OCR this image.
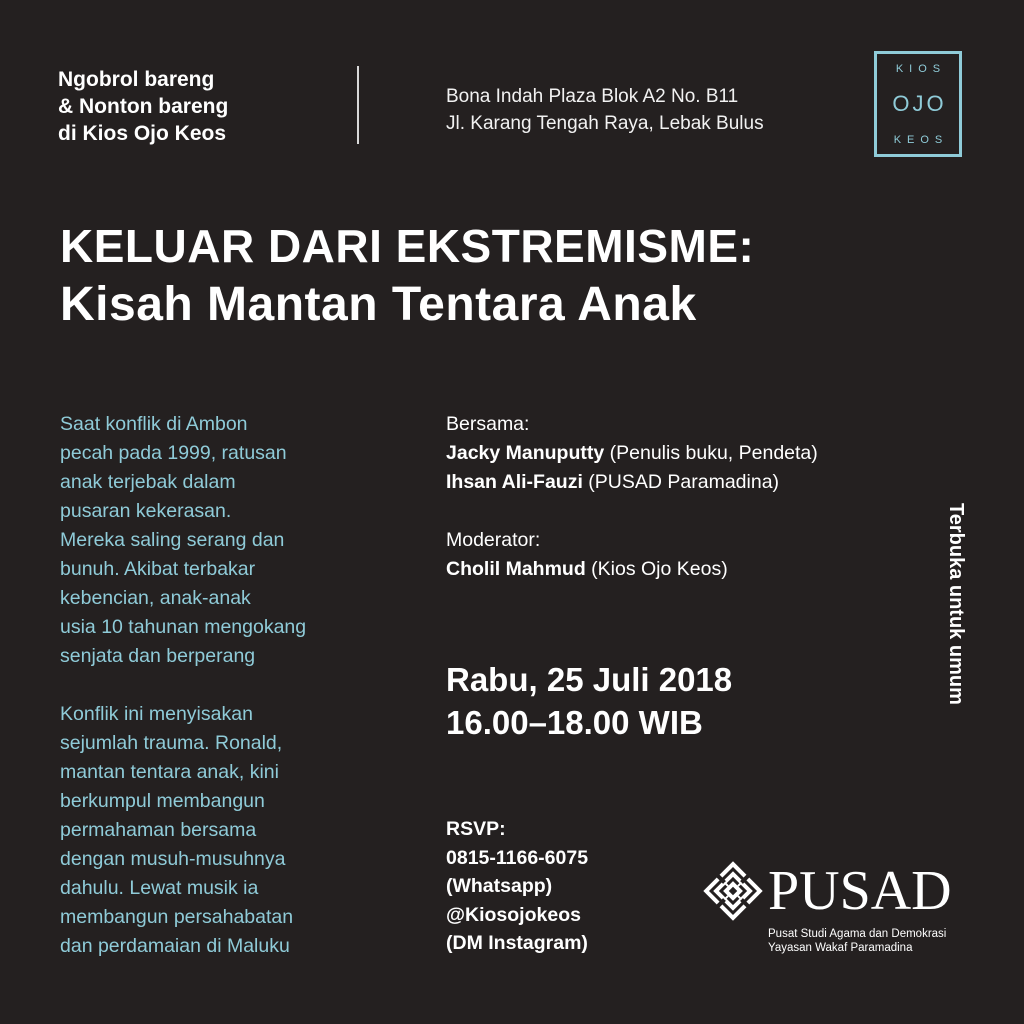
Ngobrol bareng
& Nonton bareng
di Kios Ojo Keos
Bona Indah Plaza Blok A2 No. B11
Jl. Karang Tengah Raya, Lebak Bulus
KIOS
OJO
KEOS
KELUAR DARI EKSTREMISME:
Kisah Mantan Tentara Anak
Saat konflik di Ambon
pecah pada 1999, ratusan
anak terjebak dalam
pusaran kekerasan.
Mereka saling serang dan
bunuh. Akibat terbakar
kebencian, anak-anak
usia 10 tahunan mengokang
senjata dan berperang
Konflik ini menyisakan
sejumlah trauma. Ronald,
mantan tentara anak, kini
berkumpul membangun
permahaman bersama
dengan musuh-musuhnya
dahulu. Lewat musik ia
membangun persahabatan
dan perdamaian di Maluku
Bersama:
Jacky Manuputty (Penulis buku, Pendeta)
Ihsan Ali-Fauzi (PUSAD Paramadina)
Moderator:
Cholil Mahmud (Kios Ojo Keos)
Rabu, 25 Juli 2018
16.00–18.00 WIB
RSVP:
0815-1166-6075
(Whatsapp)
@Kiosojokeos
(DM Instagram)
Terbuka untuk umum
PUSAD
Pusat Studi Agama dan Demokrasi
Yayasan Wakaf Paramadina
